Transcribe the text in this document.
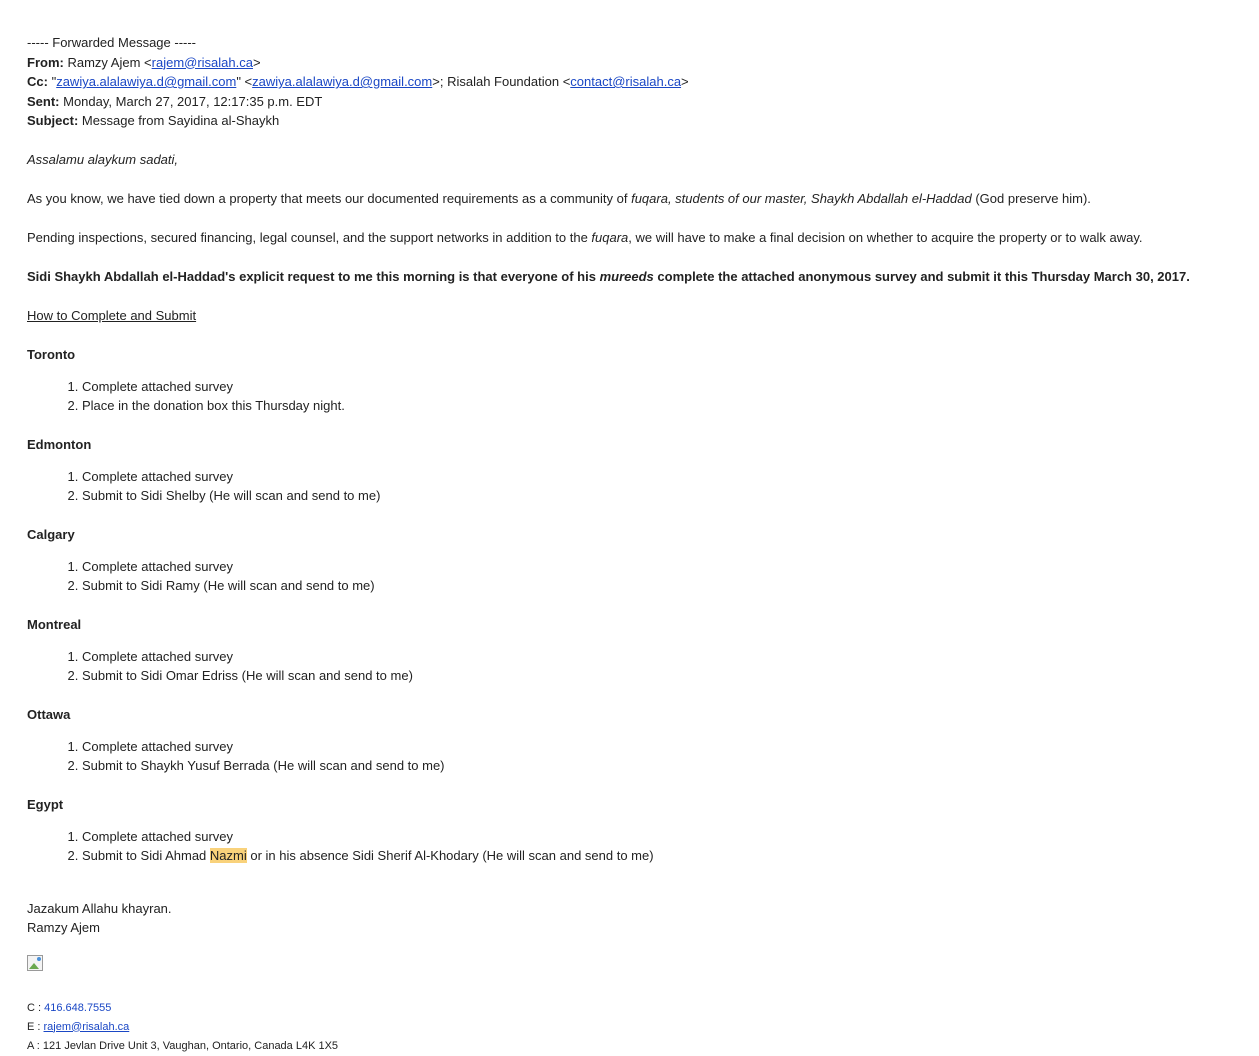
----- Forwarded Message -----
From: Ramzy Ajem <rajem@risalah.ca>
Cc: "zawiya.alalawiya.d@gmail.com" <zawiya.alalawiya.d@gmail.com>; Risalah Foundation <contact@risalah.ca>
Sent: Monday, March 27, 2017, 12:17:35 p.m. EDT
Subject: Message from Sayidina al-Shaykh
Assalamu alaykum sadati,
As you know, we have tied down a property that meets our documented requirements as a community of fuqara, students of our master, Shaykh Abdallah el-Haddad (God preserve him).
Pending inspections, secured financing, legal counsel, and the support networks in addition to the fuqara, we will have to make a final decision on whether to acquire the property or to walk away.
Sidi Shaykh Abdallah el-Haddad's explicit request to me this morning is that everyone of his mureeds complete the attached anonymous survey and submit it this Thursday March 30, 2017.
How to Complete and Submit
Toronto
1. Complete attached survey
2. Place in the donation box this Thursday night.
Edmonton
1. Complete attached survey
2. Submit to Sidi Shelby (He will scan and send to me)
Calgary
1. Complete attached survey
2. Submit to Sidi Ramy (He will scan and send to me)
Montreal
1. Complete attached survey
2. Submit to Sidi Omar Edriss (He will scan and send to me)
Ottawa
1. Complete attached survey
2. Submit to Shaykh Yusuf Berrada (He will scan and send to me)
Egypt
1. Complete attached survey
2. Submit to Sidi Ahmad Nazmi or in his absence Sidi Sherif Al-Khodary (He will scan and send to me)
Jazakum Allahu khayran.
Ramzy Ajem
C : 416.648.7555
E : rajem@risalah.ca
A : 121 Jevlan Drive Unit 3, Vaughan, Ontario, Canada L4K 1X5
